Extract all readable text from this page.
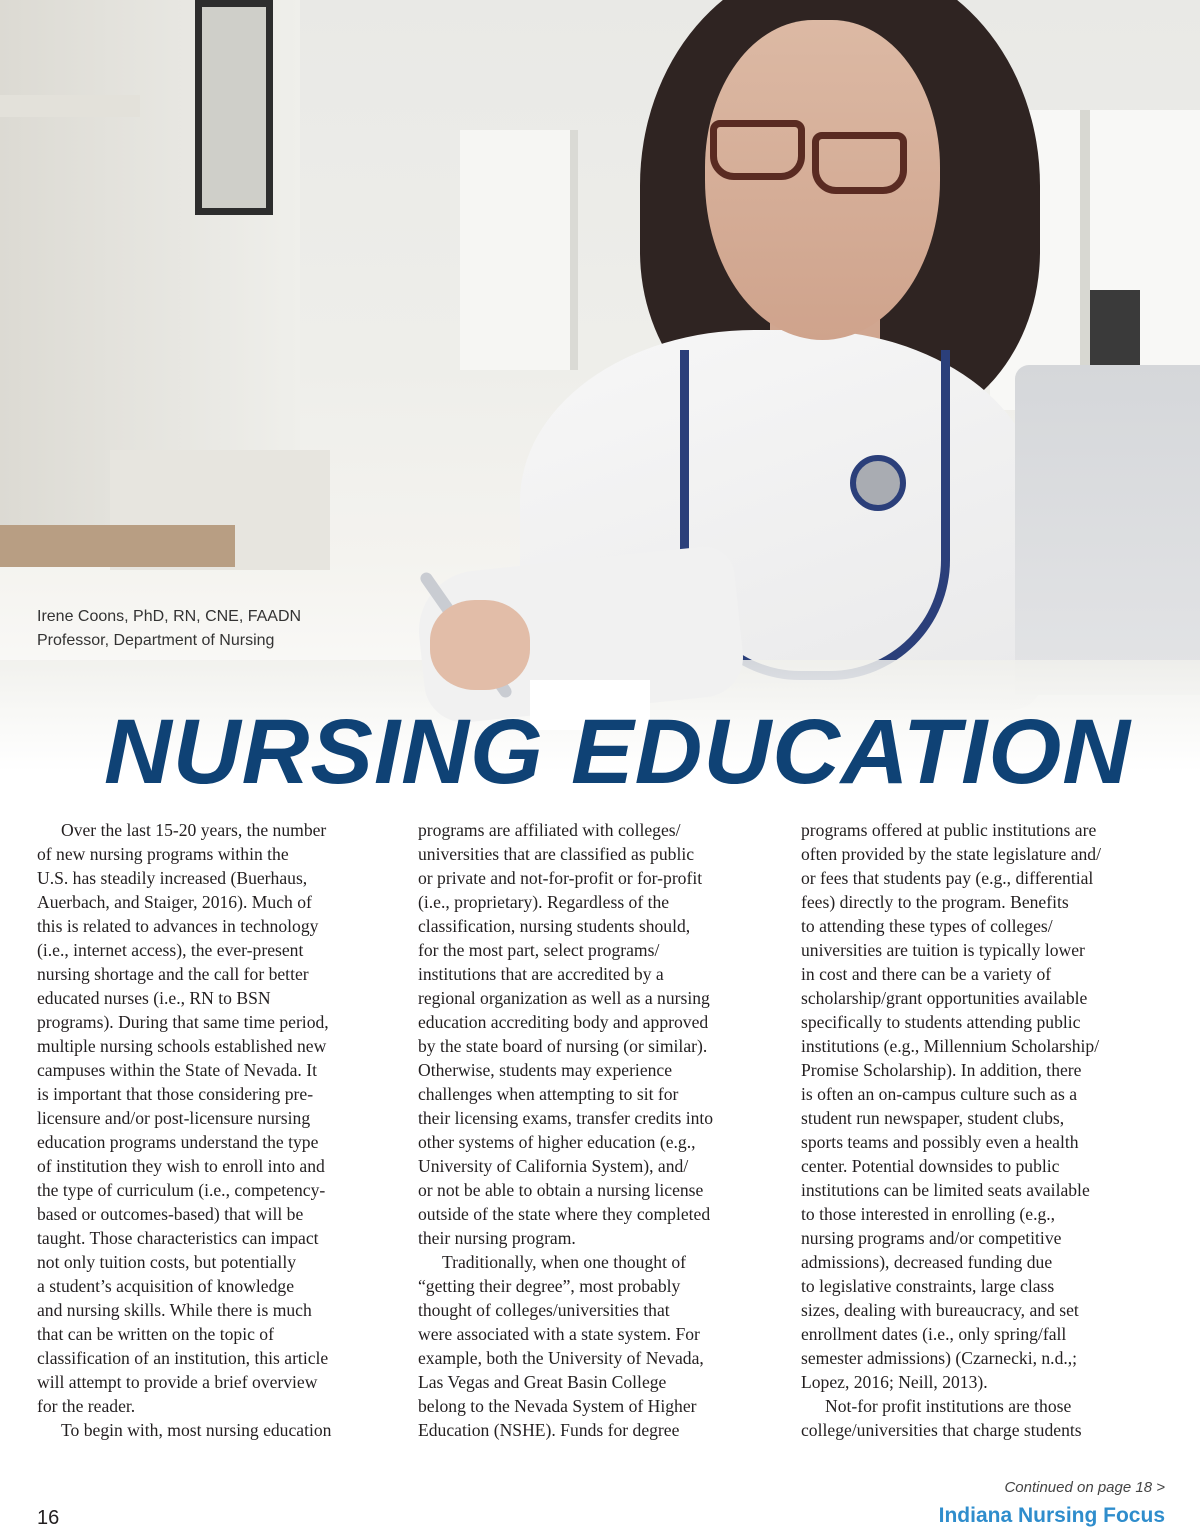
Irene Coons, PhD, RN, CNE, FAADN
Professor, Department of Nursing
NURSING EDUCATION
Over the last 15-20 years, the number
of new nursing programs within the
U.S. has steadily increased (Buerhaus,
Auerbach, and Staiger, 2016). Much of
this is related to advances in technology
(i.e., internet access), the ever-present
nursing shortage and the call for better
educated nurses (i.e., RN to BSN
programs). During that same time period,
multiple nursing schools established new
campuses within the State of Nevada. It
is important that those considering pre-
licensure and/or post-licensure nursing
education programs understand the type
of institution they wish to enroll into and
the type of curriculum (i.e., competency-
based or outcomes-based) that will be
taught. Those characteristics can impact
not only tuition costs, but potentially
a student’s acquisition of knowledge
and nursing skills. While there is much
that can be written on the topic of
classification of an institution, this article
will attempt to provide a brief overview
for the reader.
To begin with, most nursing education
programs are affiliated with colleges/
universities that are classified as public
or private and not-for-profit or for-profit
(i.e., proprietary). Regardless of the
classification, nursing students should,
for the most part, select programs/
institutions that are accredited by a
regional organization as well as a nursing
education accrediting body and approved
by the state board of nursing (or similar).
Otherwise, students may experience
challenges when attempting to sit for
their licensing exams, transfer credits into
other systems of higher education (e.g.,
University of California System), and/
or not be able to obtain a nursing license
outside of the state where they completed
their nursing program.
Traditionally, when one thought of
“getting their degree”, most probably
thought of colleges/universities that
were associated with a state system. For
example, both the University of Nevada,
Las Vegas and Great Basin College
belong to the Nevada System of Higher
Education (NSHE). Funds for degree
programs offered at public institutions are
often provided by the state legislature and/
or fees that students pay (e.g., differential
fees) directly to the program. Benefits
to attending these types of colleges/
universities are tuition is typically lower
in cost and there can be a variety of
scholarship/grant opportunities available
specifically to students attending public
institutions (e.g., Millennium Scholarship/
Promise Scholarship). In addition, there
is often an on-campus culture such as a
student run newspaper, student clubs,
sports teams and possibly even a health
center. Potential downsides to public
institutions can be limited seats available
to those interested in enrolling (e.g.,
nursing programs and/or competitive
admissions), decreased funding due
to legislative constraints, large class
sizes, dealing with bureaucracy, and set
enrollment dates (i.e., only spring/fall
semester admissions) (Czarnecki, n.d.,;
Lopez, 2016; Neill, 2013).
Not-for profit institutions are those
college/universities that charge students
Continued on page 18 >
16	Indiana Nursing Focus
